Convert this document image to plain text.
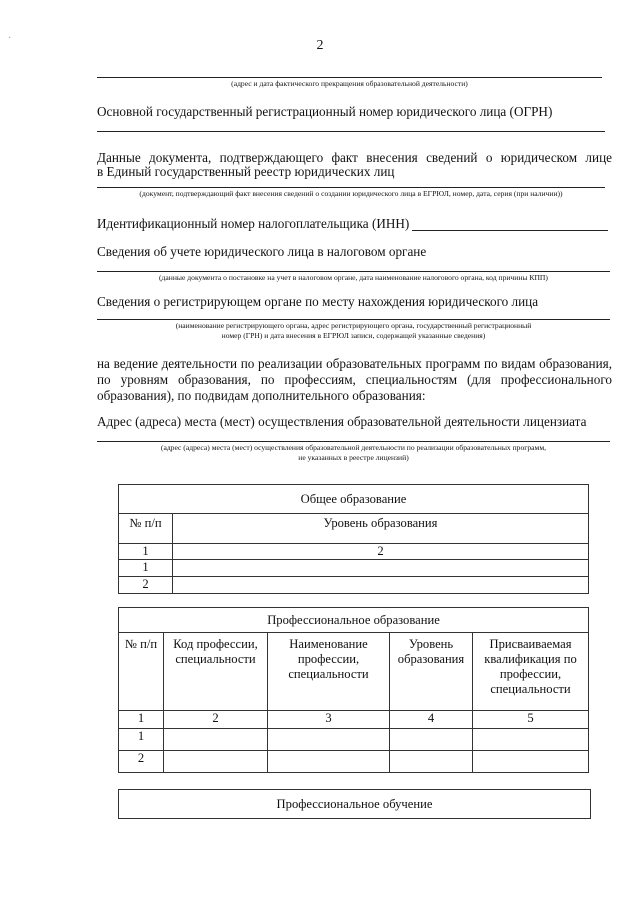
·	2
(адрес и дата фактического прекращения образовательной деятельности)
Основной государственный регистрационный номер юридического лица (ОГРН)
Данные документа, подтверждающего факт внесения сведений о юридическом лице
в Единый государственный реестр юридических лиц
(документ, подтверждающий факт внесения сведений о создании юридического лица в ЕГРЮЛ, номер, дата, серия (при наличии))
Идентификационный номер налогоплательщика (ИНН)
Сведения об учете юридического лица в налоговом органе
(данные документа о постановке на учет в налоговом органе, дата наименование налогового органа, код причины КПП)
Сведения о регистрирующем органе по месту нахождения юридического лица
(наименование регистрирующего органа, адрес регистрирующего органа, государственный регистрационный
номер (ГРН) и дата внесения в ЕГРЮЛ записи, содержащей указанные сведения)
на ведение деятельности по реализации образовательных программ по видам образования, по уровням образования, по профессиям, специальностям (для профессионального образования), по подвидам дополнительного образования:
Адрес (адреса) места (мест) осуществления образовательной деятельности лицензиата
(адрес (адреса) места (мест) осуществления образовательной деятельности по реализации образовательных программ,
не указанных в реестре лицензий)
Общее образование	
№ п/п	Уровень образования
1	2
1	
2	
Профессиональное образование				
№ п/п	Код профессии, специальности	Наименование профессии, специальности	Уровень образования	Присваиваемая квалификация по профессии, специальности
1	2	3	4	5
1				
2				
Профессиональное обучение
